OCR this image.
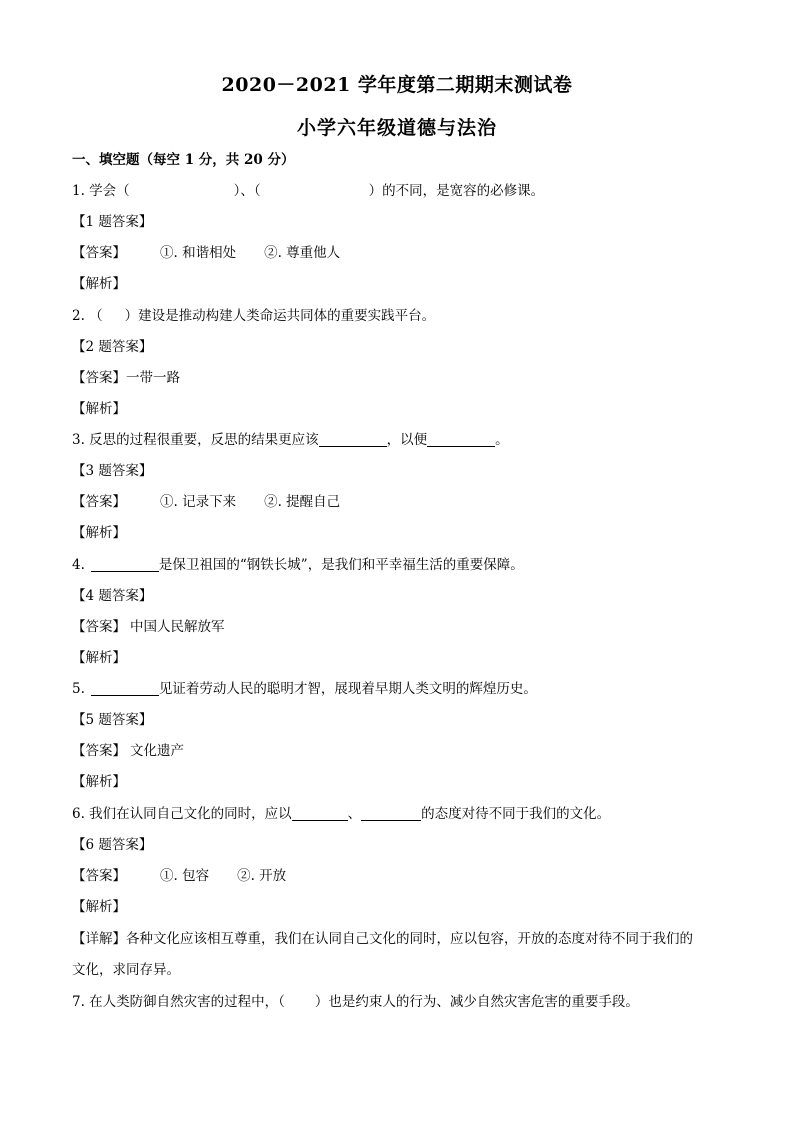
2020－2021 学年度第二期期末测试卷
小学六年级道德与法治
一、填空题（每空 1 分，共 20 分）
1. 学会（	）、（	）的不同，是宽容的必修课。
【1 题答案】
【答案】	①. 和谐相处 ②. 尊重他人
【解析】
2. （ ）建设是推动构建人类命运共同体的重要实践平台。
【2 题答案】
【答案】一带一路
【解析】
3. 反思的过程很重要，反思的结果更应该	，以便	。
【3 题答案】
【答案】	①. 记录下来 ②. 提醒自己
【解析】
4.	是保卫祖国的“钢铁长城”，是我们和平幸福生活的重要保障。
【4 题答案】
【答案】 中国人民解放军
【解析】
5.	见证着劳动人民的聪明才智，展现着早期人类文明的辉煌历史。
【5 题答案】
【答案】 文化遗产
【解析】
6. 我们在认同自己文化的同时，应以	、	的态度对待不同于我们的文化。
【6 题答案】
【答案】	①. 包容 ②. 开放
【解析】
【详解】各种文化应该相互尊重，我们在认同自己文化的同时，应以包容，开放的态度对待不同于我们的
文化，求同存异。
7. 在人类防御自然灾害的过程中，（ ）也是约束人的行为、减少自然灾害危害的重要手段。
